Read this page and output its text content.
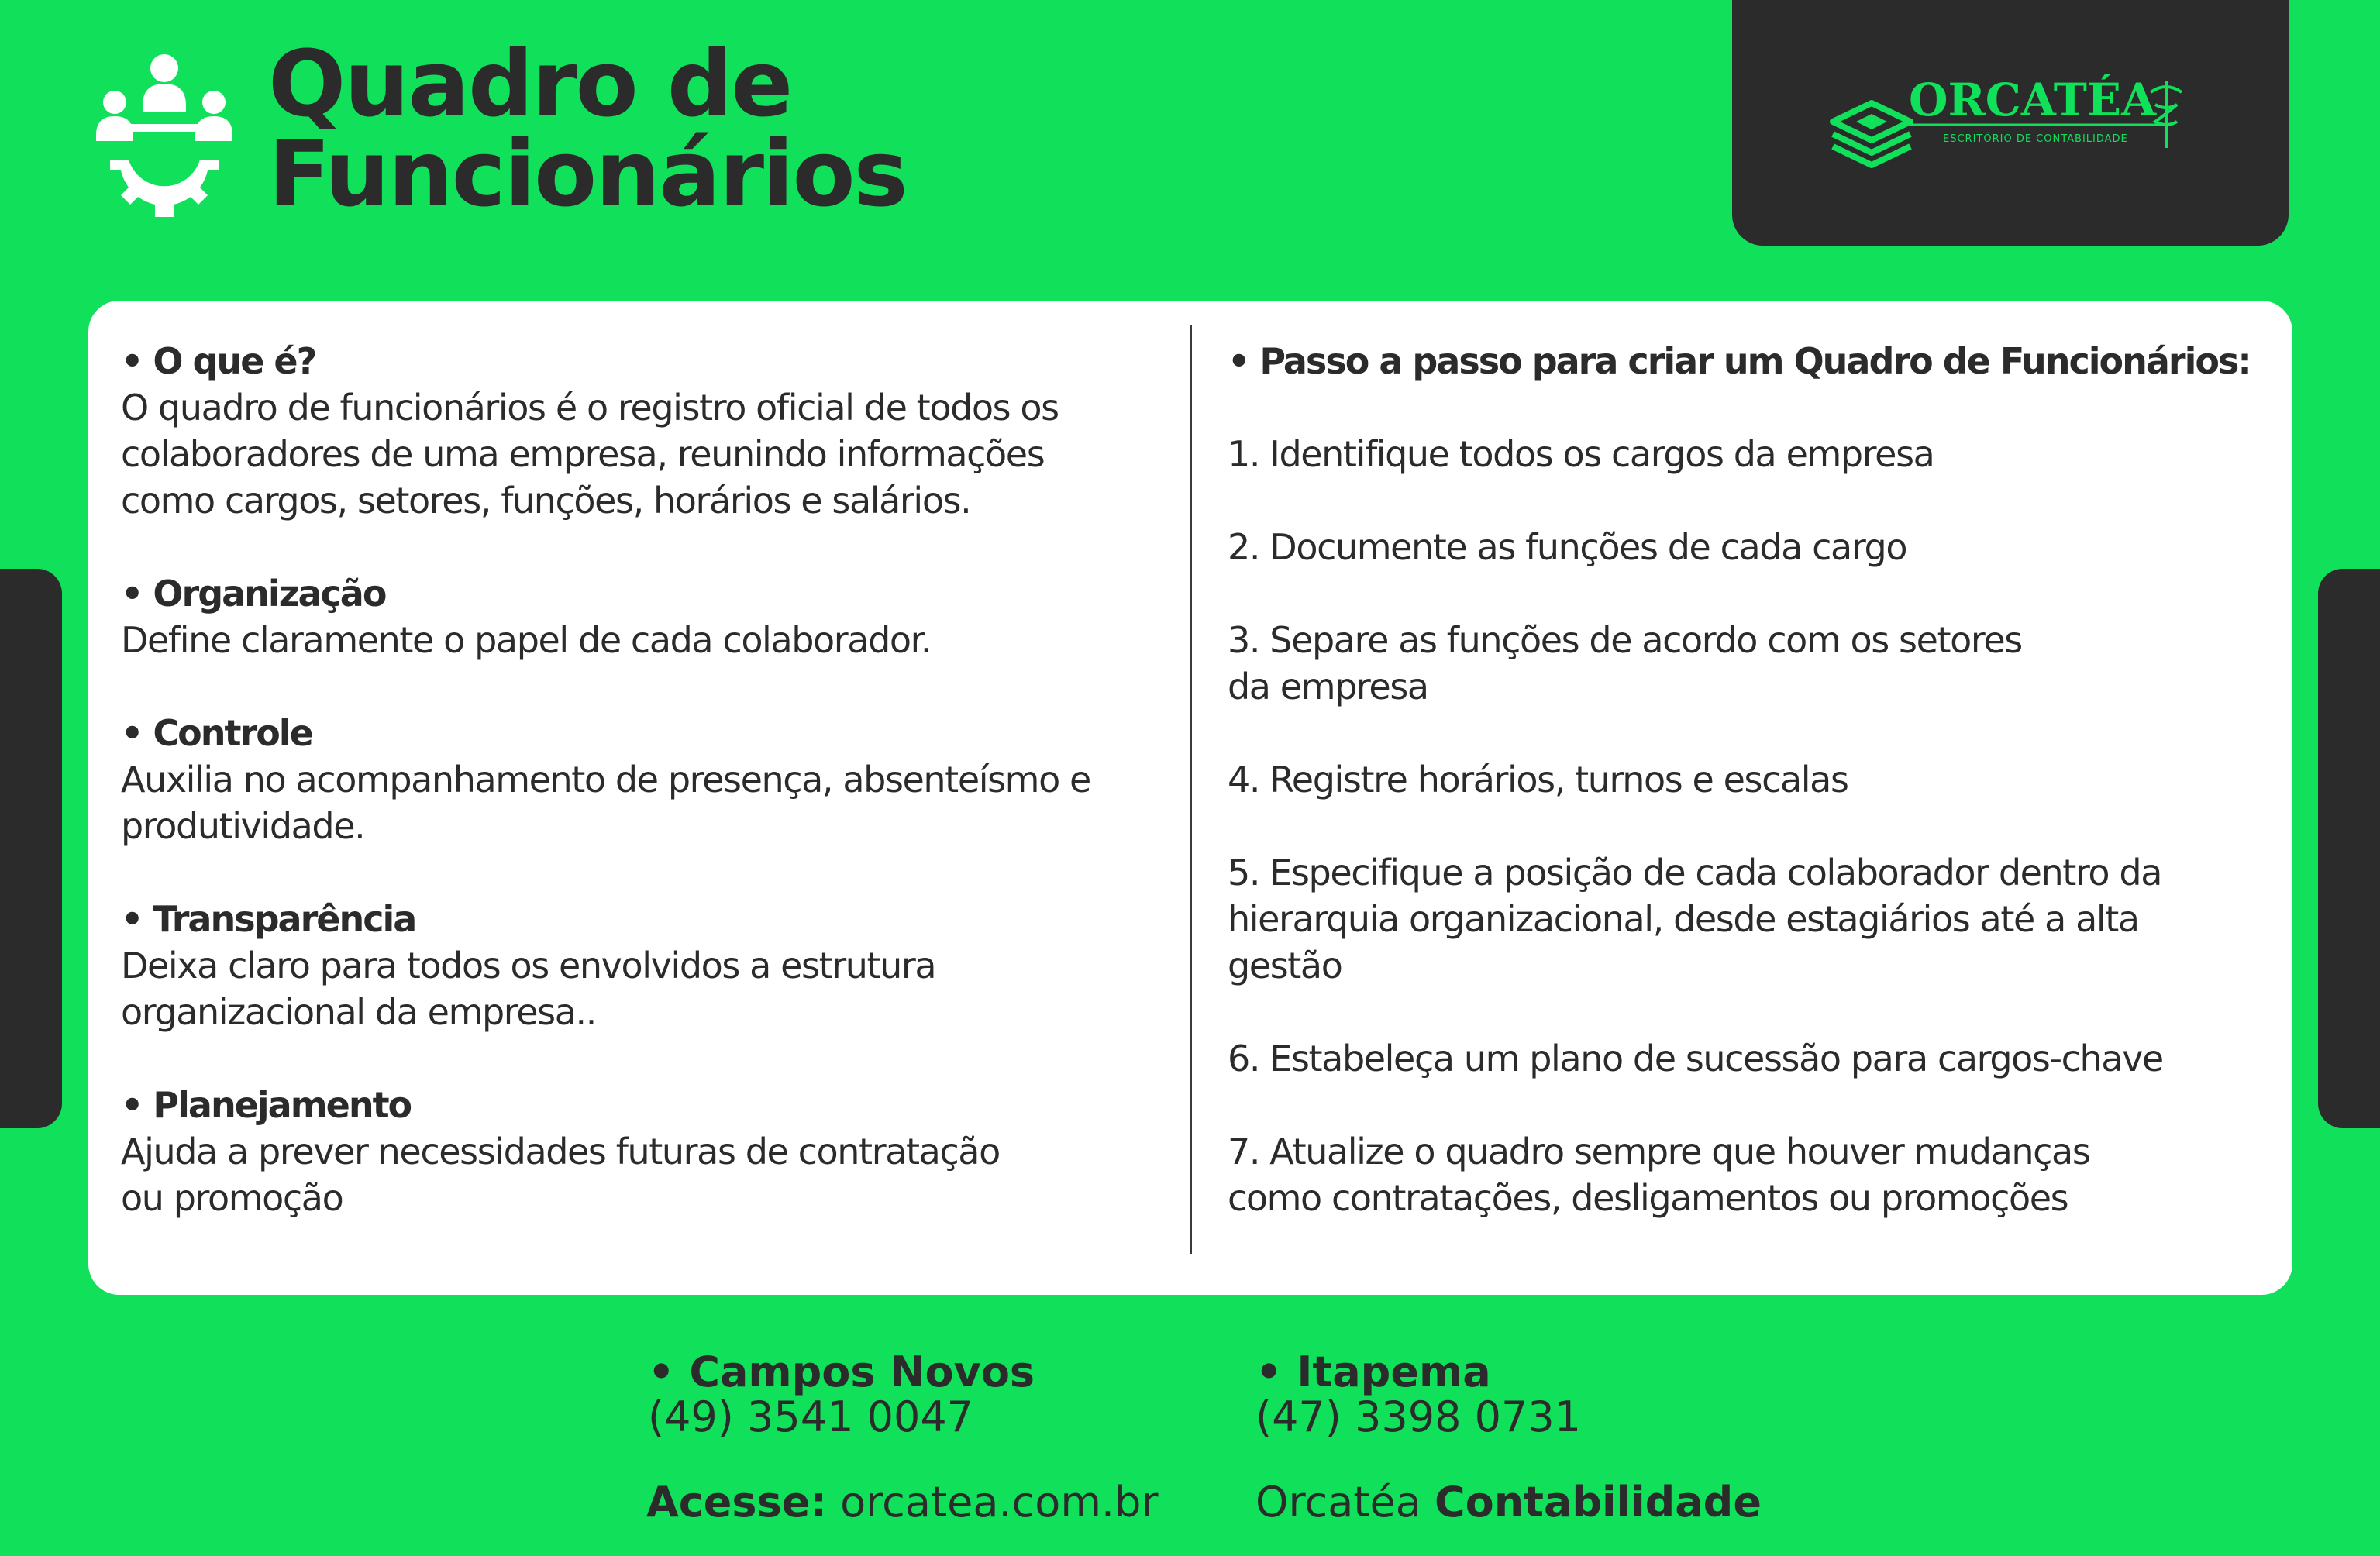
Quadro de
Funcionários
ORCATÉA
ESCRITÓRIO DE CONTABILIDADE
• O que é?
O quadro de funcionários é o registro oficial de todos os
colaboradores de uma empresa, reunindo informações
como cargos, setores, funções, horários e salários.
• Organização
Define claramente o papel de cada colaborador.
• Controle
Auxilia no acompanhamento de presença, absenteísmo e
produtividade.
• Transparência
Deixa claro para todos os envolvidos a estrutura
organizacional da empresa..
• Planejamento
Ajuda a prever necessidades futuras de contratação
ou promoção
• Passo a passo para criar um Quadro de Funcionários:
1. Identifique todos os cargos da empresa
2. Documente as funções de cada cargo
3. Separe as funções de acordo com os setores
da empresa
4. Registre horários, turnos e escalas
5. Especifique a posição de cada colaborador dentro da
hierarquia organizacional, desde estagiários até a alta
gestão
6. Estabeleça um plano de sucessão para cargos-chave
7. Atualize o quadro sempre que houver mudanças
como contratações, desligamentos ou promoções
• Campos Novos
(49) 3541 0047
• Itapema
(47) 3398 0731
Acesse: orcatea.com.br Orcatéa Contabilidade
